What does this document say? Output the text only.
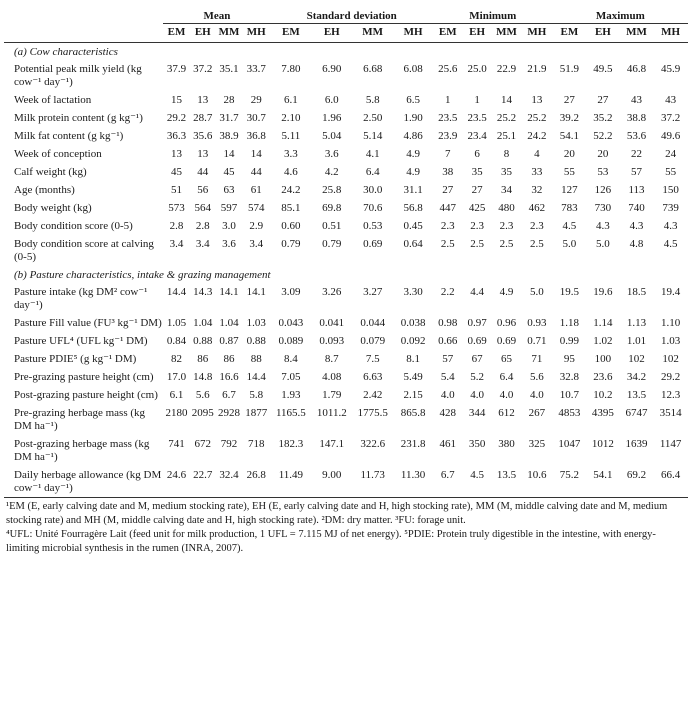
	Mean				Standard deviation				Minimum				Maximum			
	EM	EH	MM	MH	EM	EH	MM	MH	EM	EH	MM	MH	EM	EH	MM	MH
(a) Cow characteristics																
Potential peak milk yield (kg cow⁻¹ day⁻¹)	37.9	37.2	35.1	33.7	7.80	6.90	6.68	6.08	25.6	25.0	22.9	21.9	51.9	49.5	46.8	45.9
Week of lactation	15	13	28	29	6.1	6.0	5.8	6.5	1	1	14	13	27	27	43	43
Milk protein content (g kg⁻¹)	29.2	28.7	31.7	30.7	2.10	1.96	2.50	1.90	23.5	23.5	25.2	25.2	39.2	35.2	38.8	37.2
Milk fat content (g kg⁻¹)	36.3	35.6	38.9	36.8	5.11	5.04	5.14	4.86	23.9	23.4	25.1	24.2	54.1	52.2	53.6	49.6
Week of conception	13	13	14	14	3.3	3.6	4.1	4.9	7	6	8	4	20	20	22	24
Calf weight (kg)	45	44	45	44	4.6	4.2	6.4	4.9	38	35	35	33	55	53	57	55
Age (months)	51	56	63	61	24.2	25.8	30.0	31.1	27	27	34	32	127	126	113	150
Body weight (kg)	573	564	597	574	85.1	69.8	70.6	56.8	447	425	480	462	783	730	740	739
Body condition score (0-5)	2.8	2.8	3.0	2.9	0.60	0.51	0.53	0.45	2.3	2.3	2.3	2.3	4.5	4.3	4.3	4.3
Body condition score at calving (0-5)	3.4	3.4	3.6	3.4	0.79	0.79	0.69	0.64	2.5	2.5	2.5	2.5	5.0	5.0	4.8	4.5
(b) Pasture characteristics, intake & grazing management																
Pasture intake (kg DM² cow⁻¹ day⁻¹)	14.4	14.3	14.1	14.1	3.09	3.26	3.27	3.30	2.2	4.4	4.9	5.0	19.5	19.6	18.5	19.4
Pasture Fill value (FU³ kg⁻¹ DM)	1.05	1.04	1.04	1.03	0.043	0.041	0.044	0.038	0.98	0.97	0.96	0.93	1.18	1.14	1.13	1.10
Pasture UFL⁴ (UFL kg⁻¹ DM)	0.84	0.88	0.87	0.88	0.089	0.093	0.079	0.092	0.66	0.69	0.69	0.71	0.99	1.02	1.01	1.03
Pasture PDIE⁵ (g kg⁻¹ DM)	82	86	86	88	8.4	8.7	7.5	8.1	57	67	65	71	95	100	102	102
Pre-grazing pasture height (cm)	17.0	14.8	16.6	14.4	7.05	4.08	6.63	5.49	5.4	5.2	6.4	5.6	32.8	23.6	34.2	29.2
Post-grazing pasture height (cm)	6.1	5.6	6.7	5.8	1.93	1.79	2.42	2.15	4.0	4.0	4.0	4.0	10.7	10.2	13.5	12.3
Pre-grazing herbage mass (kg DM ha⁻¹)	2180	2095	2928	1877	1165.5	1011.2	1775.5	865.8	428	344	612	267	4853	4395	6747	3514
Post-grazing herbage mass (kg DM ha⁻¹)	741	672	792	718	182.3	147.1	322.6	231.8	461	350	380	325	1047	1012	1639	1147
Daily herbage allowance (kg DM cow⁻¹ day⁻¹)	24.6	22.7	32.4	26.8	11.49	9.00	11.73	11.30	6.7	4.5	13.5	10.6	75.2	54.1	69.2	66.4
¹EM (E, early calving date and M, medium stocking rate), EH (E, early calving date and H, high stocking rate), MM (M, middle calving date and M, medium stocking rate) and MH (M, middle calving date and H, high stocking rate). ²DM: dry matter. ³FU: forage unit.
⁴UFL: Unité Fourragère Lait (feed unit for milk production, 1 UFL = 7.115 MJ of net energy). ⁵PDIE: Protein truly digestible in the intestine, with energy-limiting microbial synthesis in the rumen (INRA, 2007).
